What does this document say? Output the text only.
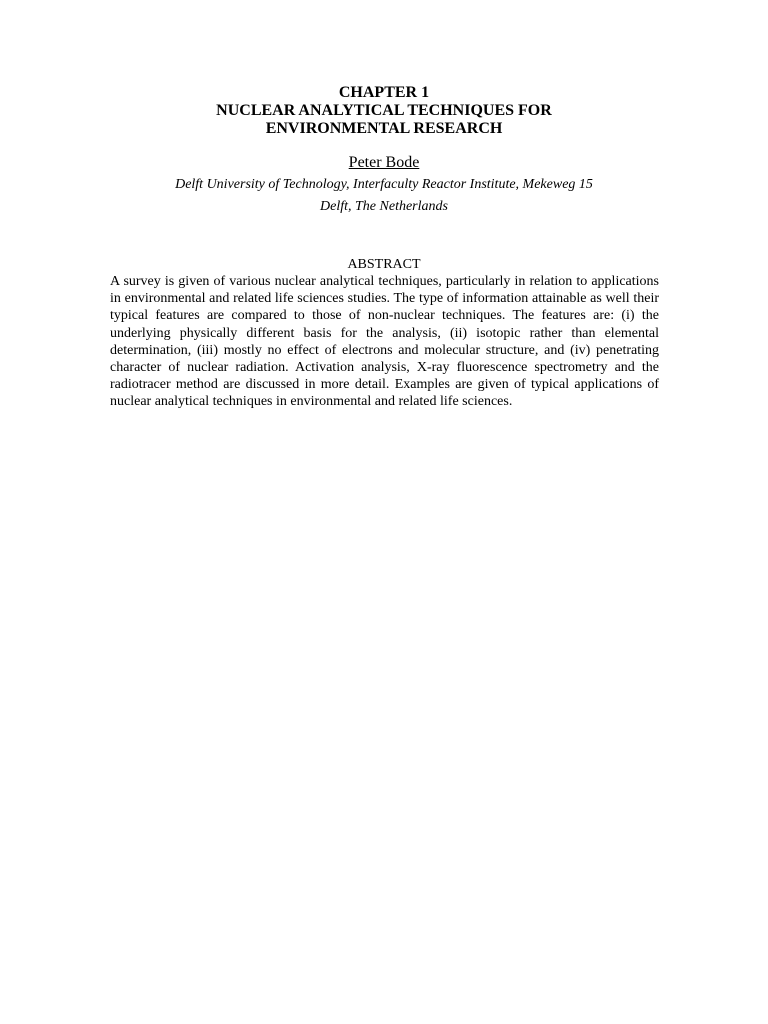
CHAPTER 1
NUCLEAR ANALYTICAL TECHNIQUES FOR
ENVIRONMENTAL RESEARCH
Peter Bode
Delft University of Technology, Interfaculty Reactor Institute, Mekeweg 15
Delft, The Netherlands
ABSTRACT

A survey is given of various nuclear analytical techniques, particularly in relation to applications in environmental and related life sciences studies. The type of information attainable as well their typical features are compared to those of non-nuclear techniques. The features are: (i) the underlying physically different basis for the analysis, (ii) isotopic rather than elemental determination, (iii) mostly no effect of electrons and molecular structure, and (iv) penetrating character of nuclear radiation. Activation analysis, X-ray fluorescence spectrometry and the radiotracer method are discussed in more detail. Examples are given of typical applications of nuclear analytical techniques in environmental and related life sciences.
